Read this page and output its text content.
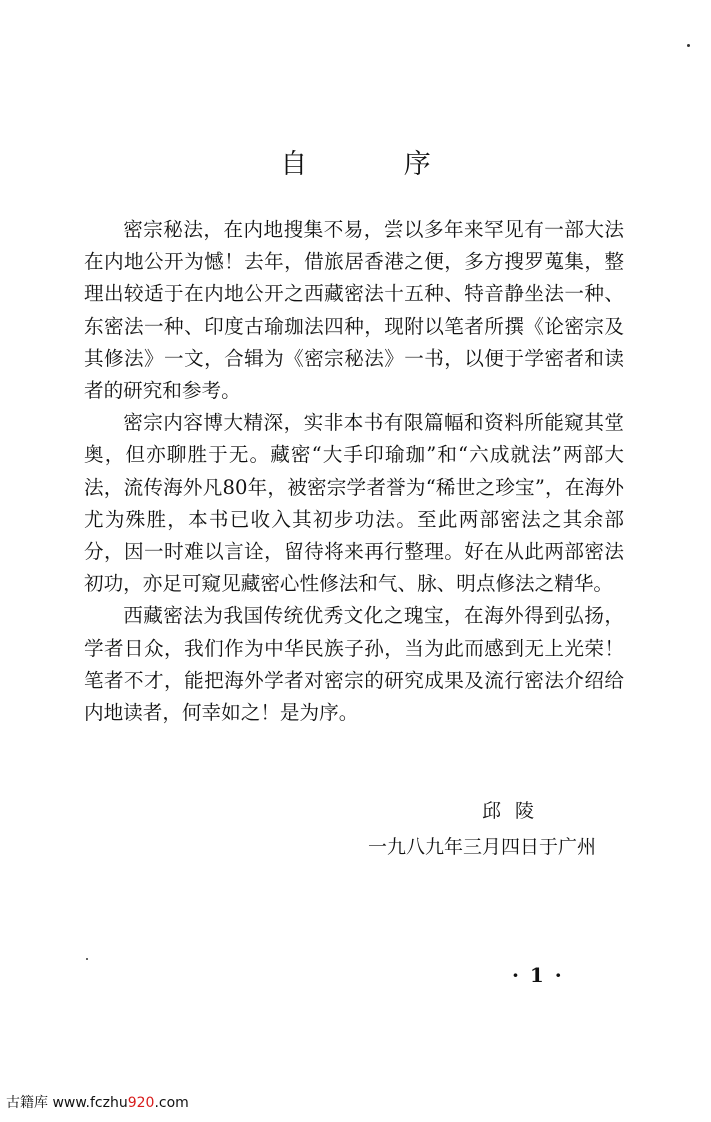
自 序

密宗秘法，在内地搜集不易，尝以多年来罕见有一部大法在内地公开为憾！去年，借旅居香港之便，多方搜罗蒐集，整理出较适于在内地公开之西藏密法十五种、特音静坐法一种、东密法一种、印度古瑜珈法四种，现附以笔者所撰《论密宗及其修法》一文，合辑为《密宗秘法》一书，以便于学密者和读者的研究和参考。

密宗内容博大精深，实非本书有限篇幅和资料所能窥其堂奥，但亦聊胜于无。藏密“大手印瑜珈”和“六成就法”两部大法，流传海外凡80年，被密宗学者誉为“稀世之珍宝”，在海外尤为殊胜，本书已收入其初步功法。至此两部密法之其余部分，因一时难以言诠，留待将来再行整理。好在从此两部密法初功，亦足可窥见藏密心性修法和气、脉、明点修法之精华。

西藏密法为我国传统优秀文化之瑰宝，在海外得到弘扬，学者日众，我们作为中华民族子孙，当为此而感到无上光荣！笔者不才，能把海外学者对密宗的研究成果及流行密法介绍给内地读者，何幸如之！是为序。

邱陵
一九八九年三月四日于广州
· 1 ·
古籍库 www.fczhu920.com
